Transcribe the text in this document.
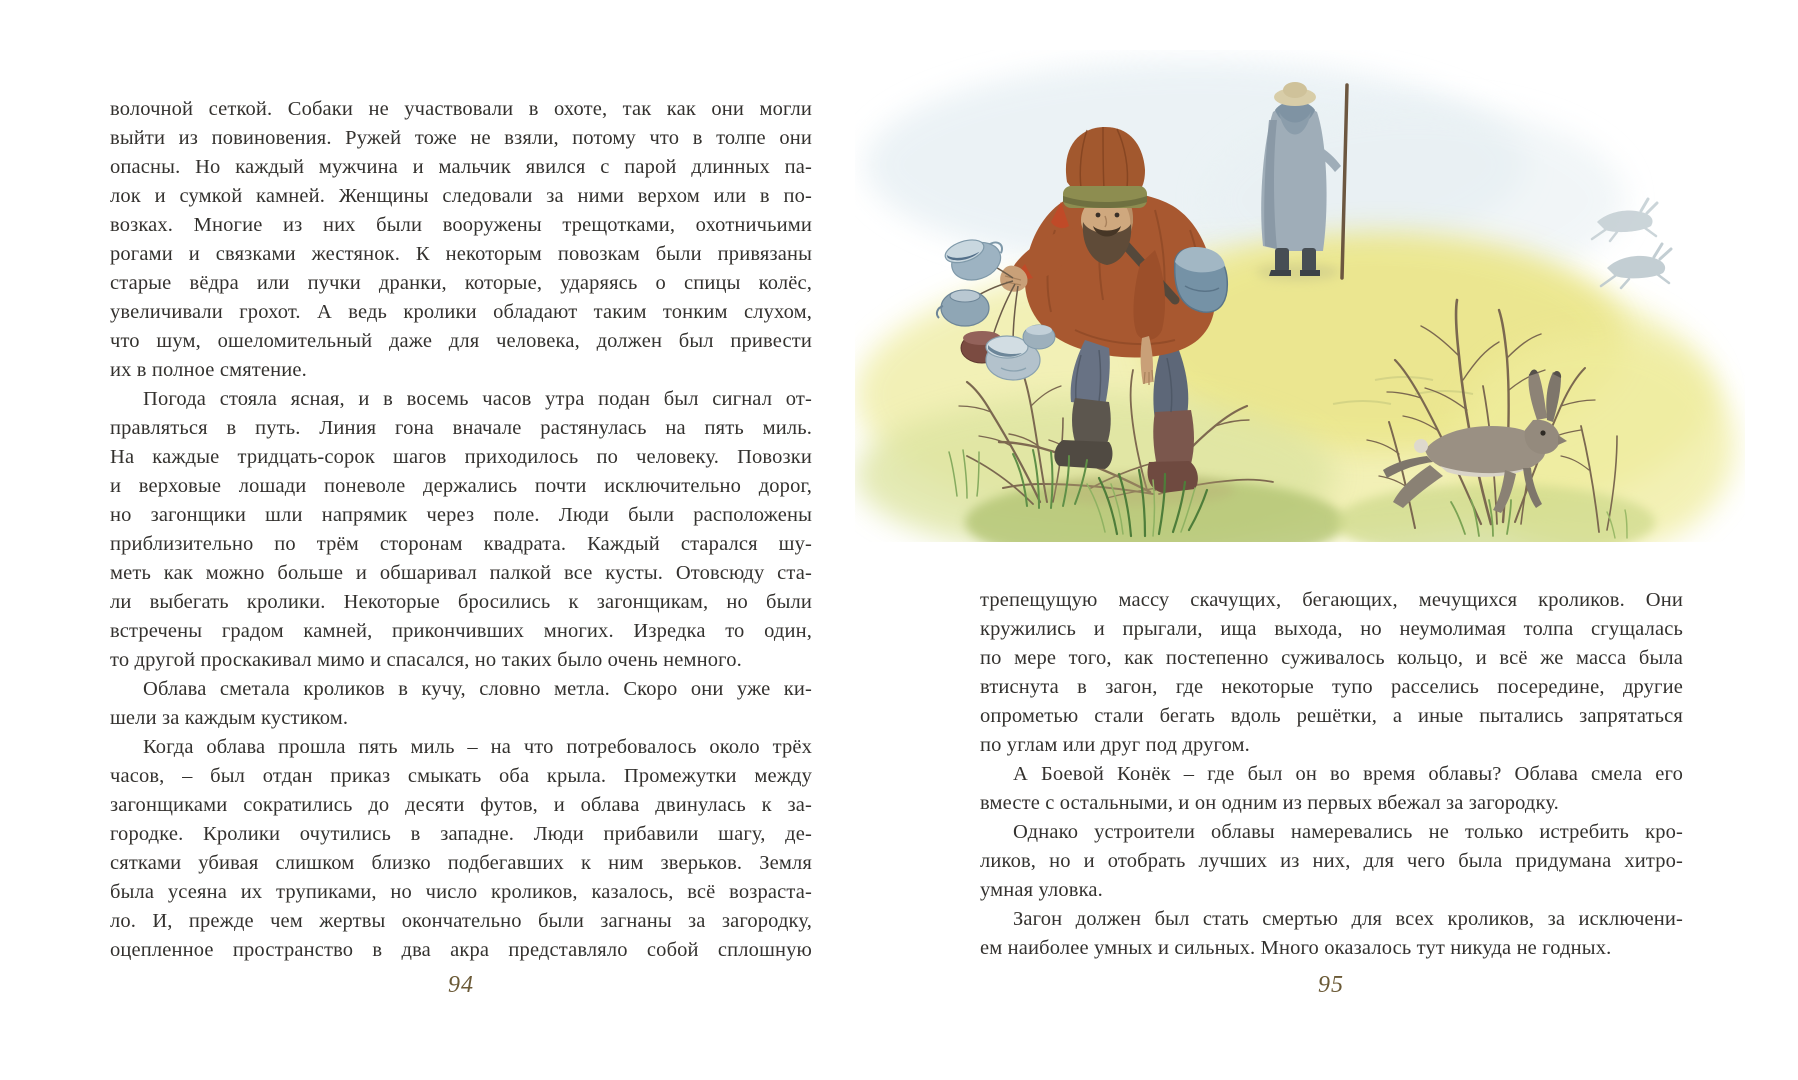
волочной сеткой. Собаки не участвовали в охоте, так как они могли
выйти из повиновения. Ружей тоже не взяли, потому что в толпе они
опасны. Но каждый мужчина и мальчик явился с парой длинных па-
лок и сумкой камней. Женщины следовали за ними верхом или в по-
возках. Многие из них были вооружены трещотками, охотничьими
рогами и связками жестянок. К некоторым повозкам были привязаны
старые вёдра или пучки дранки, которые, ударяясь о спицы колёс,
увеличивали грохот. А ведь кролики обладают таким тонким слухом,
что шум, ошеломительный даже для человека, должен был привести
их в полное смятение.
Погода стояла ясная, и в восемь часов утра подан был сигнал от-
правляться в путь. Линия гона вначале растянулась на пять миль.
На каждые тридцать-сорок шагов приходилось по человеку. Повозки
и верховые лошади поневоле держались почти исключительно дорог,
но загонщики шли напрямик через поле. Люди были расположены
приблизительно по трём сторонам квадрата. Каждый старался шу-
меть как можно больше и обшаривал палкой все кусты. Отовсюду ста-
ли выбегать кролики. Некоторые бросились к загонщикам, но были
встречены градом камней, прикончивших многих. Изредка то один,
то другой проскакивал мимо и спасался, но таких было очень немного.
Облава сметала кроликов в кучу, словно метла. Скоро они уже ки-
шели за каждым кустиком.
Когда облава прошла пять миль – на что потребовалось около трёх
часов, – был отдан приказ смыкать оба крыла. Промежутки между
загонщиками сократились до десяти футов, и облава двинулась к за-
городке. Кролики очутились в западне. Люди прибавили шагу, де-
сятками убивая слишком близко подбегавших к ним зверьков. Земля
была усеяна их трупиками, но число кроликов, казалось, всё возраста-
ло. И, прежде чем жертвы окончательно были загнаны за загородку,
оцепленное пространство в два акра представляло собой сплошную
94
трепещущую массу скачущих, бегающих, мечущихся кроликов. Они
кружились и прыгали, ища выхода, но неумолимая толпа сгущалась
по мере того, как постепенно суживалось кольцо, и всё же масса была
втиснута в загон, где некоторые тупо расселись посередине, другие
опрометью стали бегать вдоль решётки, а иные пытались запрятаться
по углам или друг под другом.
А Боевой Конёк – где был он во время облавы? Облава смела его
вместе с остальными, и он одним из первых вбежал за загородку.
Однако устроители облавы намеревались не только истребить кро-
ликов, но и отобрать лучших из них, для чего была придумана хитро-
умная уловка.
Загон должен был стать смертью для всех кроликов, за исключени-
ем наиболее умных и сильных. Много оказалось тут никуда не годных.
95
